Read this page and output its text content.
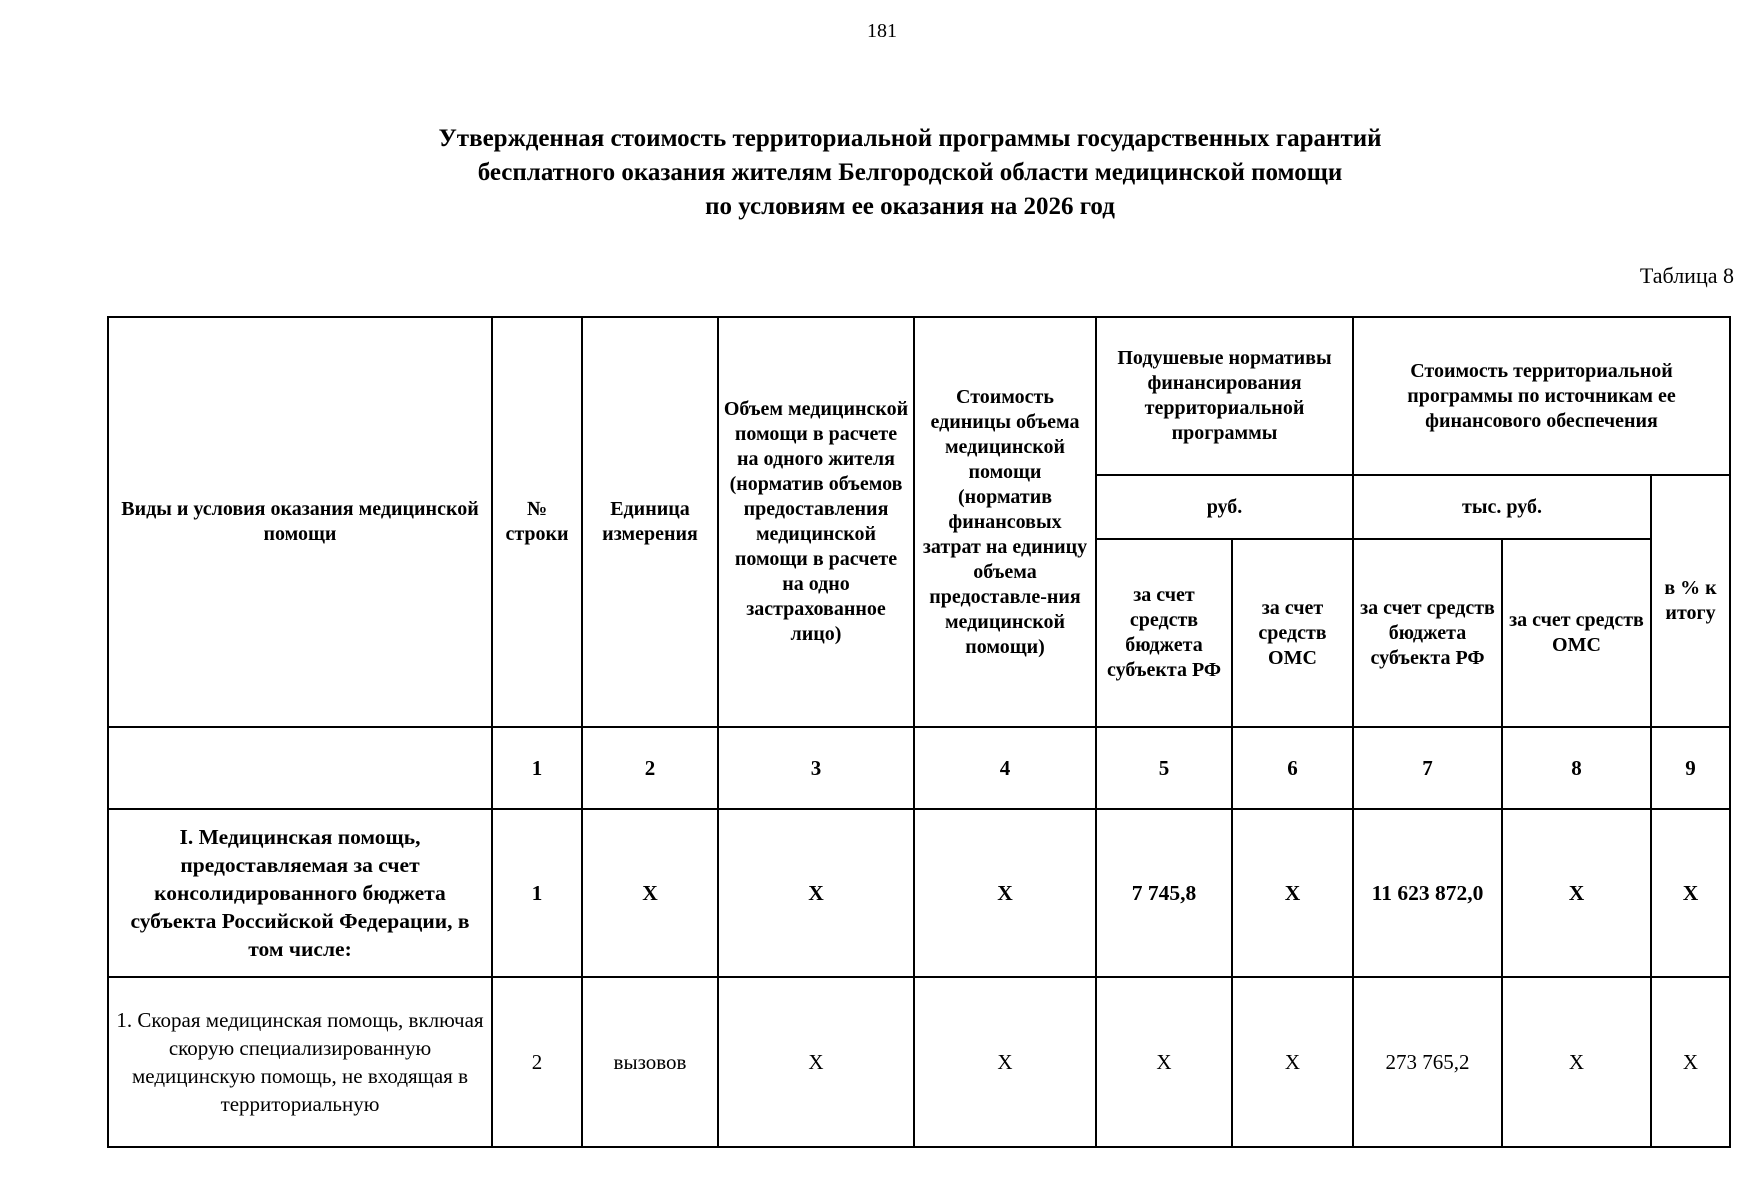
181
Утвержденная стоимость территориальной программы государственных гарантий
бесплатного оказания жителям Белгородской области медицинской помощи
по условиям ее оказания на 2026 год
Таблица 8
Виды и условия оказания медицинской помощи	№ строки	Единица измерения	Объем медицинской помощи в расчете на одного жителя (норматив объемов предоставления медицинской помощи в расчете на одно застрахованное лицо)	Стоимость единицы объема медицинской помощи (норматив финансовых затрат на единицу объема предоставле-ния медицинской помощи)	Подушевые нормативы финансирования территориальной программы		Стоимость территориальной программы по источникам ее финансового обеспечения		
					руб.		тыс. руб.		в % к итогу
					за счет средств бюджета субъекта РФ	за счет средств ОМС	за счет средств бюджета субъекта РФ	за счет средств ОМС	
	1	2	3	4	5	6	7	8	9
I. Медицинская помощь, предоставляемая за счет консолидированного бюджета субъекта Российской Федерации, в том числе:	1	X	X	X	7 745,8	X	11 623 872,0	X	X
1. Скорая медицинская помощь, включая скорую специализированную медицинскую помощь, не входящая в территориальную	2	вызовов	X	X	X	X	273 765,2	X	X
